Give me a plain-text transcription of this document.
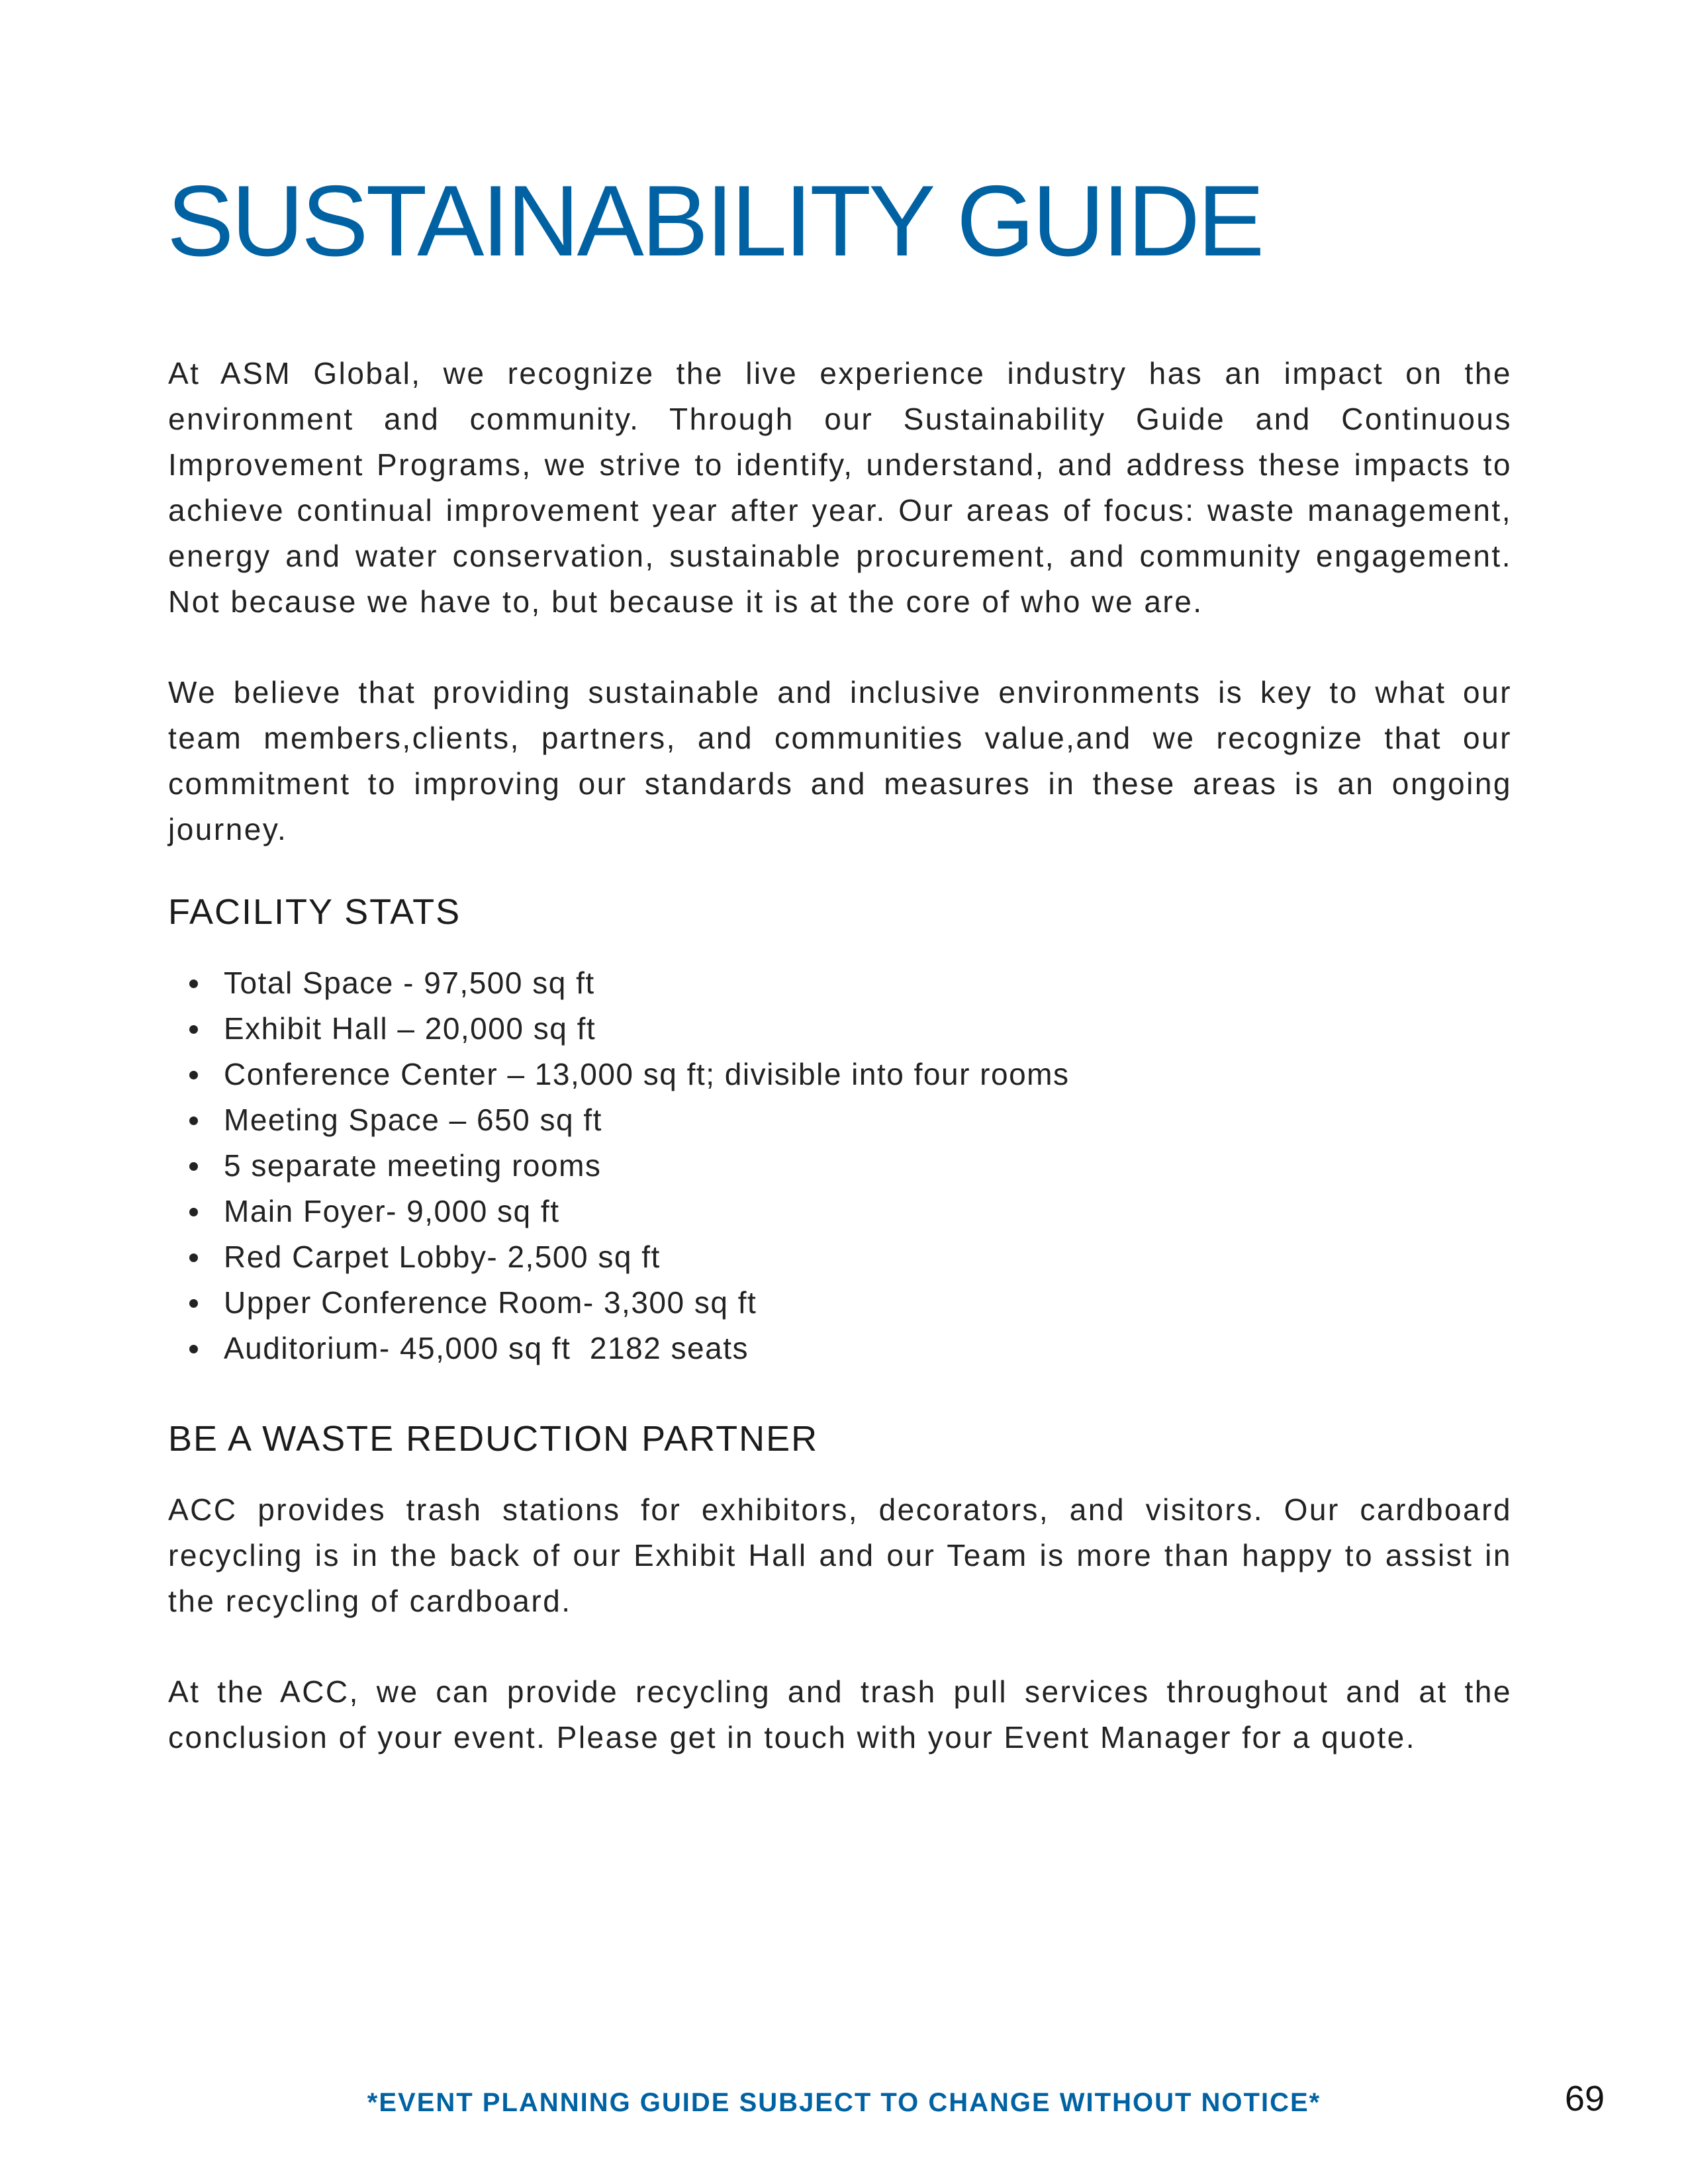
SUSTAINABILITY GUIDE

At ASM Global, we recognize the live experience industry has an impact on the environment and community. Through our Sustainability Guide and Continuous Improvement Programs, we strive to identify, understand, and address these impacts to achieve continual improvement year after year. Our areas of focus: waste management, energy and water conservation, sustainable procurement, and community engagement. Not because we have to, but because it is at the core of who we are.

We believe that providing sustainable and inclusive environments is key to what our team members,clients, partners, and communities value,and we recognize that our commitment to improving our standards and measures in these areas is an ongoing journey.

FACILITY STATS
Total Space - 97,500 sq ft
Exhibit Hall – 20,000 sq ft
Conference Center – 13,000 sq ft; divisible into four rooms
Meeting Space – 650 sq ft
5 separate meeting rooms
Main Foyer- 9,000 sq ft
Red Carpet Lobby- 2,500 sq ft
Upper Conference Room- 3,300 sq ft
Auditorium- 45,000 sq ft  2182 seats
BE A WASTE REDUCTION PARTNER

ACC provides trash stations for exhibitors, decorators, and visitors. Our cardboard recycling is in the back of our Exhibit Hall and our Team is more than happy to assist in the recycling of cardboard.

At the ACC, we can provide recycling and trash pull services throughout and at the conclusion of your event. Please get in touch with your Event Manager for a quote.

*EVENT PLANNING GUIDE SUBJECT TO CHANGE WITHOUT NOTICE*	69
